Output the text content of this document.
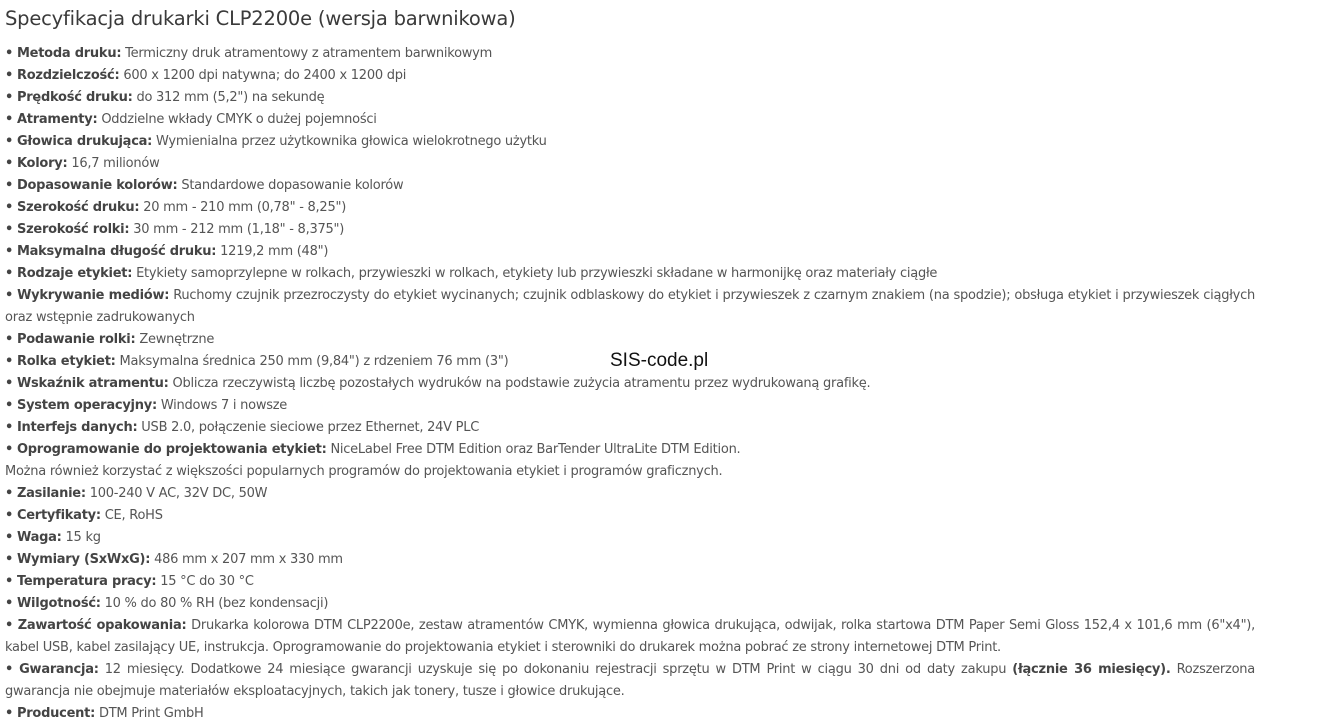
Specyfikacja drukarki CLP2200e (wersja barwnikowa)
• Metoda druku: Termiczny druk atramentowy z atramentem barwnikowym
• Rozdzielczość: 600 x 1200 dpi natywna; do 2400 x 1200 dpi
• Prędkość druku: do 312 mm (5,2") na sekundę
• Atramenty: Oddzielne wkłady CMYK o dużej pojemności
• Głowica drukująca: Wymienialna przez użytkownika głowica wielokrotnego użytku
• Kolory: 16,7 milionów
• Dopasowanie kolorów: Standardowe dopasowanie kolorów
• Szerokość druku: 20 mm - 210 mm (0,78" - 8,25")
• Szerokość rolki: 30 mm - 212 mm (1,18" - 8,375")
• Maksymalna długość druku: 1219,2 mm (48")
• Rodzaje etykiet: Etykiety samoprzylepne w rolkach, przywieszki w rolkach, etykiety lub przywieszki składane w harmonijkę oraz materiały ciągłe
• Wykrywanie mediów: Ruchomy czujnik przezroczysty do etykiet wycinanych; czujnik odblaskowy do etykiet i przywieszek z czarnym znakiem (na spodzie); obsługa etykiet i przywieszek ciągłych oraz wstępnie zadrukowanych
• Podawanie rolki: Zewnętrzne
• Rolka etykiet: Maksymalna średnica 250 mm (9,84") z rdzeniem 76 mm (3")
• Wskaźnik atramentu: Oblicza rzeczywistą liczbę pozostałych wydruków na podstawie zużycia atramentu przez wydrukowaną grafikę.
• System operacyjny: Windows 7 i nowsze
• Interfejs danych: USB 2.0, połączenie sieciowe przez Ethernet, 24V PLC
• Oprogramowanie do projektowania etykiet: NiceLabel Free DTM Edition oraz BarTender UltraLite DTM Edition.
Można również korzystać z większości popularnych programów do projektowania etykiet i programów graficznych.
• Zasilanie: 100-240 V AC, 32V DC, 50W
• Certyfikaty: CE, RoHS
• Waga: 15 kg
• Wymiary (SxWxG): 486 mm x 207 mm x 330 mm
• Temperatura pracy: 15 °C do 30 °C
• Wilgotność: 10 % do 80 % RH (bez kondensacji)
• Zawartość opakowania: Drukarka kolorowa DTM CLP2200e, zestaw atramentów CMYK, wymienna głowica drukująca, odwijak, rolka startowa DTM Paper Semi Gloss 152,4 x 101,6 mm (6"x4"), kabel USB, kabel zasilający UE, instrukcja. Oprogramowanie do projektowania etykiet i sterowniki do drukarek można pobrać ze strony internetowej DTM Print.
• Gwarancja: 12 miesięcy. Dodatkowe 24 miesiące gwarancji uzyskuje się po dokonaniu rejestracji sprzętu w DTM Print w ciągu 30 dni od daty zakupu (łącznie 36 miesięcy). Rozszerzona gwarancja nie obejmuje materiałów eksploatacyjnych, takich jak tonery, tusze i głowice drukujące.
• Producent: DTM Print GmbH
SIS-code.pl
